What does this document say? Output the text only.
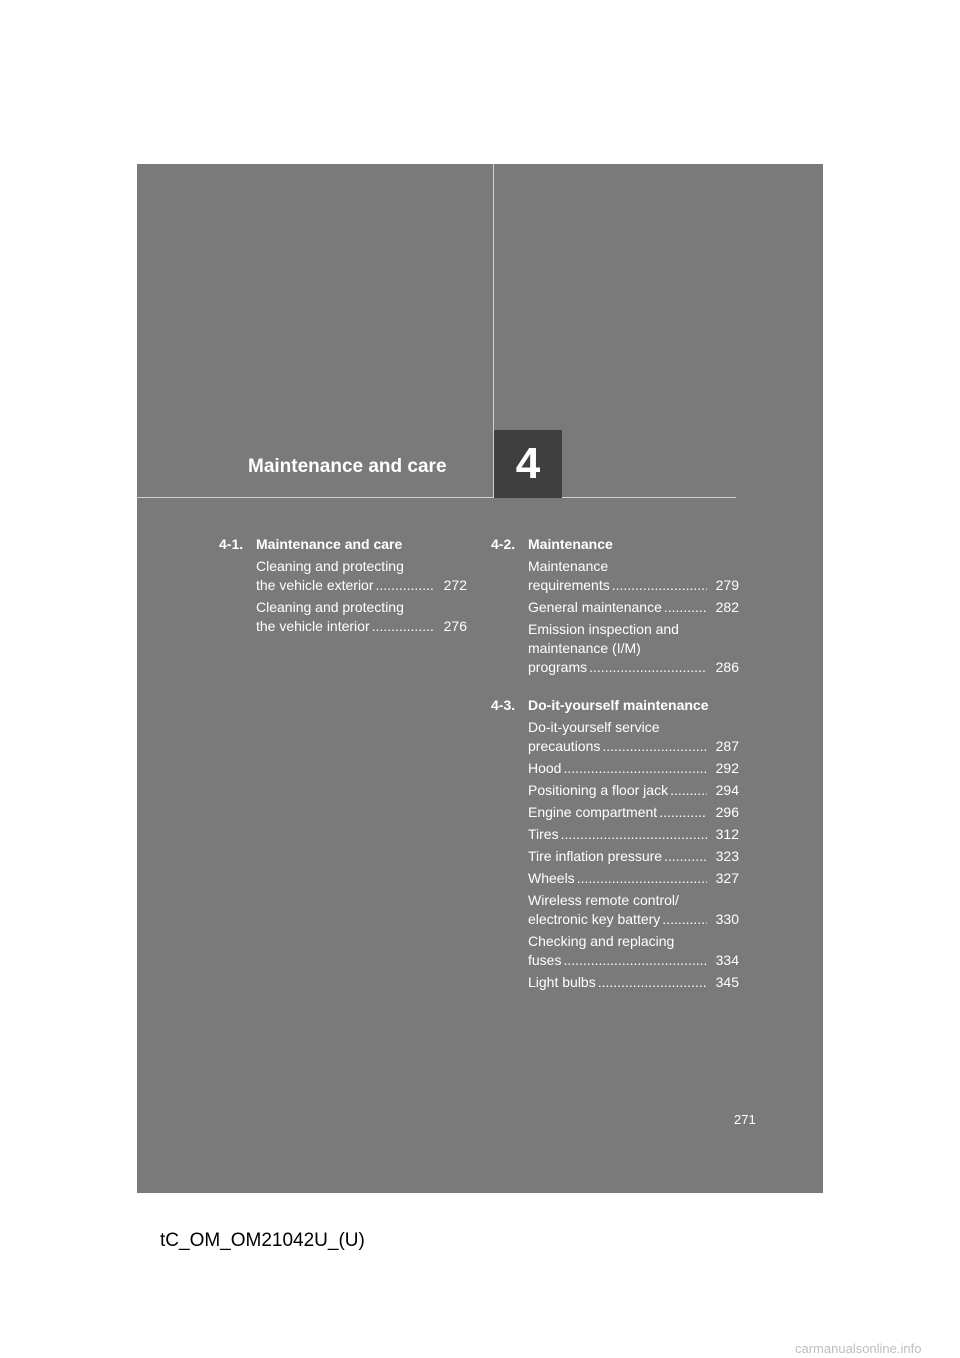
Maintenance and care 4
4-1. Maintenance and care
Cleaning and protecting
the vehicle exterior .....	272
Cleaning and protecting
the vehicle interior .....	276
4-2. Maintenance
Maintenance
requirements .....	279
General maintenance .....	282
Emission inspection and
maintenance (I/M)
programs .....	286
4-3. Do-it-yourself maintenance
Do-it-yourself service
precautions .....	287
Hood .....	292
Positioning a floor jack .....	294
Engine compartment .....	296
Tires .....	312
Tire inflation pressure .....	323
Wheels .....	327
Wireless remote control/
electronic key battery .....	330
Checking and replacing
fuses .....	334
Light bulbs .....	345
271
tC_OM_OM21042U_(U)
carmanualsonline.info
